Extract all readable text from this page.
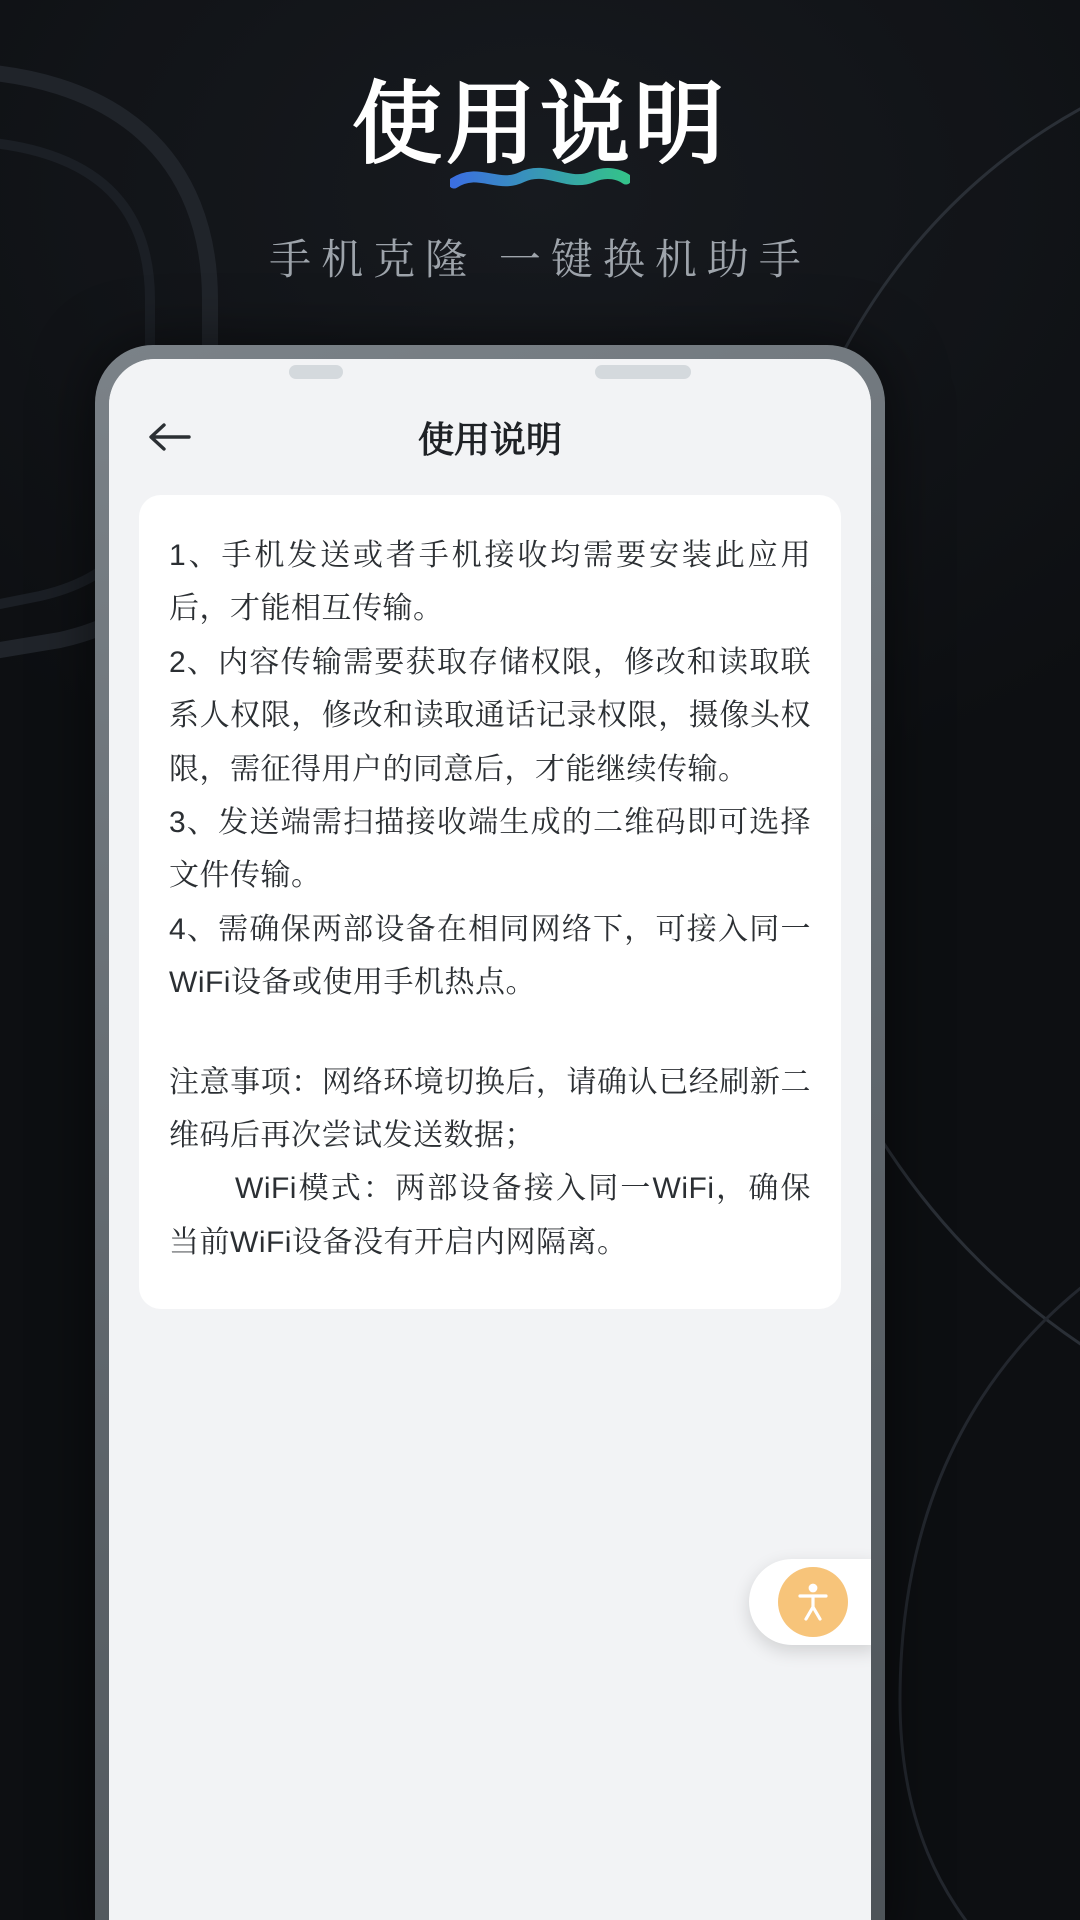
使用说明
手机克隆 一键换机助手
使用说明

1、手机发送或者手机接收均需要安装此应用后，才能相互传输。

2、内容传输需要获取存储权限，修改和读取联系人权限，修改和读取通话记录权限，摄像头权限，需征得用户的同意后，才能继续传输。

3、发送端需扫描接收端生成的二维码即可选择文件传输。

4、需确保两部设备在相同网络下，可接入同一WiFi设备或使用手机热点。

注意事项：网络环境切换后，请确认已经刷新二维码后再次尝试发送数据；

WiFi模式：两部设备接入同一WiFi，确保当前WiFi设备没有开启内网隔离。
